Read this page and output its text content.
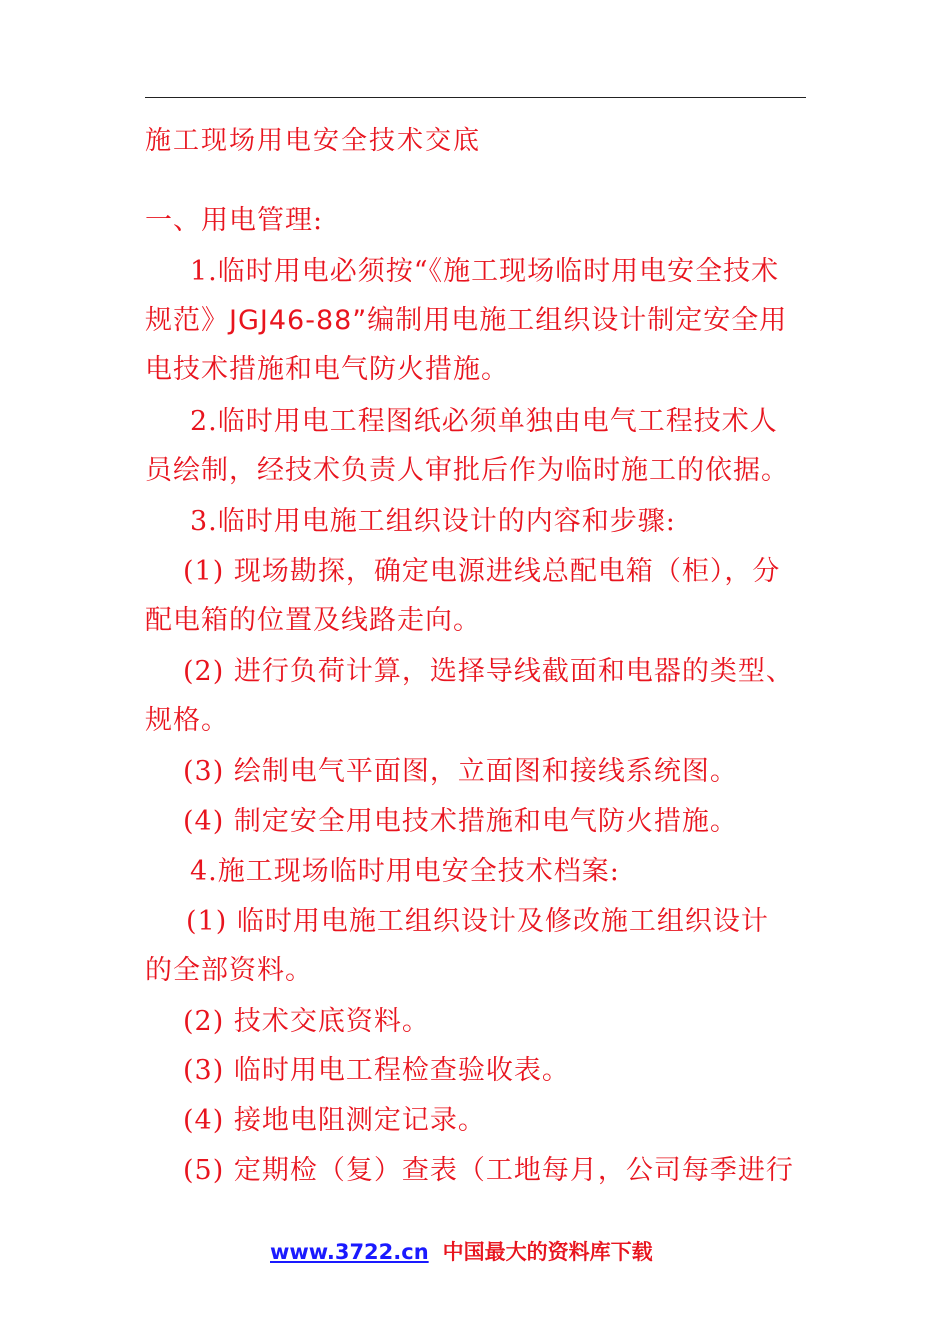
施工现场用电安全技术交底
一、用电管理:
1.临时用电必须按“《施工现场临时用电安全技术
规范》JGJ46-88”编制用电施工组织设计制定安全用
电技术措施和电气防火措施。
2.临时用电工程图纸必须单独由电气工程技术人
员绘制，经技术负责人审批后作为临时施工的依据。
3.临时用电施工组织设计的内容和步骤:
(1) 现场勘探，确定电源进线总配电箱（柜），分
配电箱的位置及线路走向。
(2) 进行负荷计算，选择导线截面和电器的类型、
规格。
(3) 绘制电气平面图，立面图和接线系统图。
(4) 制定安全用电技术措施和电气防火措施。
4.施工现场临时用电安全技术档案:
(1) 临时用电施工组织设计及修改施工组织设计
的全部资料。
(2) 技术交底资料。
(3) 临时用电工程检查验收表。
(4) 接地电阻测定记录。
(5) 定期检（复）查表（工地每月，公司每季进行
www.3722.cn 中国最大的资料库下载
